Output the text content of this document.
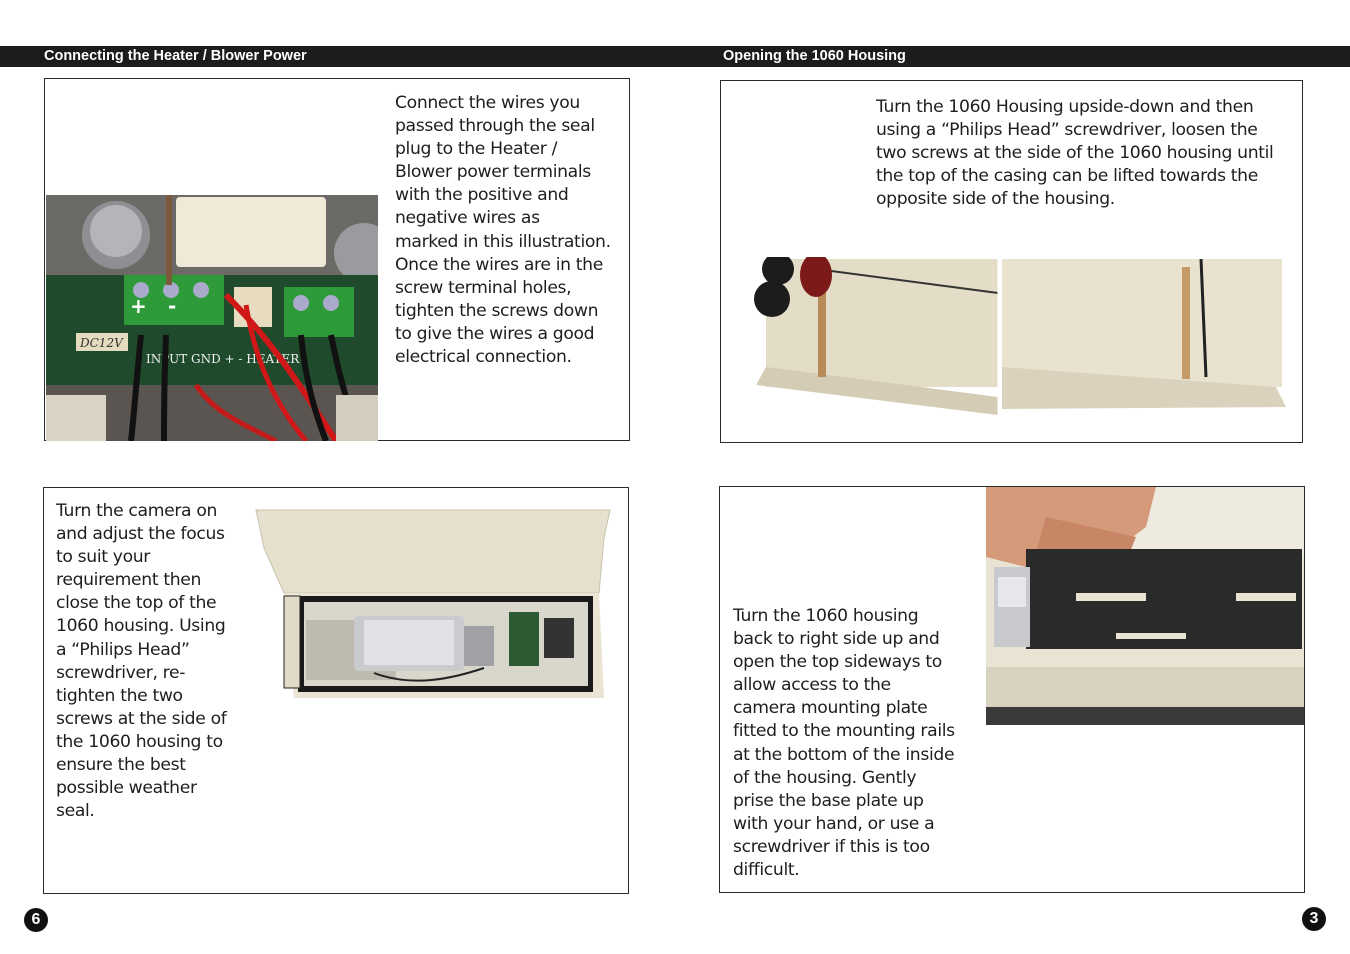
Connecting the Heater / Blower Power	Opening the 1060 Housing
+ -
DC12V
INPUT GND + - HEATER
Connect the wires you
passed through the seal
plug to the Heater /
Blower power terminals
with the positive and
negative wires as
marked in this illustration.
Once the wires are in the
screw terminal holes,
tighten the screws down
to give the wires a good
electrical connection.
Turn the camera on
and adjust the focus
to suit your
requirement then
close the top of the
1060 housing. Using
a “Philips Head”
screwdriver, re-
tighten the two
screws at the side of
the 1060 housing to
ensure the best
possible weather
seal.
6
Turn the 1060 Housing upside-down and then
using a “Philips Head” screwdriver, loosen the
two screws at the side of the 1060 housing until
the top of the casing can be lifted towards the
opposite side of the housing.
Turn the 1060 housing
back to right side up and
open the top sideways to
allow access to the
camera mounting plate
fitted to the mounting rails
at the bottom of the inside
of the housing. Gently
prise the base plate up
with your hand, or use a
screwdriver if this is too
difficult.
3
